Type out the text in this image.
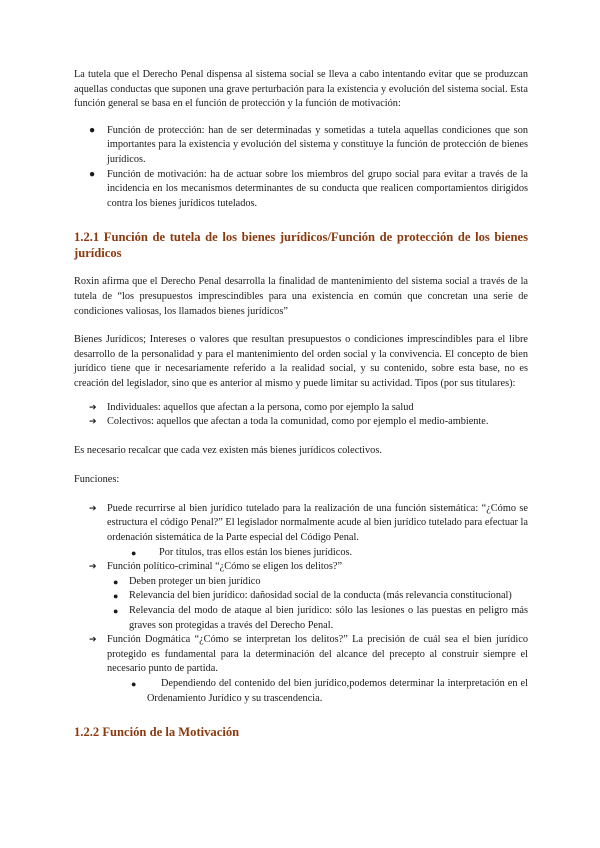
La tutela que el Derecho Penal dispensa al sistema social se lleva a cabo intentando evitar que se produzcan aquellas conductas que suponen una grave perturbación para la existencia y evolución del sistema social. Esta función general se basa en el función de protección y la función de motivación:

● Función de protección: han de ser determinadas y sometidas a tutela aquellas condiciones que son importantes para la existencia y evolución del sistema y constituye la función de protección de bienes jurídicos.
● Función de motivación: ha de actuar sobre los miembros del grupo social para evitar a través de la incidencia en los mecanismos determinantes de su conducta que realicen comportamientos dirigidos contra los bienes jurídicos tutelados.
1.2.1 Función de tutela de los bienes jurídicos/Función de protección de los bienes jurídicos

Roxin afirma que el Derecho Penal desarrolla la finalidad de mantenimiento del sistema social a través de la tutela de “los presupuestos imprescindibles para una existencia en común que concretan una serie de condiciones valiosas, los llamados bienes jurídicos”

Bienes Jurídicos; Intereses o valores que resultan presupuestos o condiciones imprescindibles para el libre desarrollo de la personalidad y para el mantenimiento del orden social y la convivencia. El concepto de bien jurídico tiene que ir necesariamente referido a la realidad social, y su contenido, sobre esta base, no es creación del legislador, sino que es anterior al mismo y puede limitar su actividad. Tipos (por sus titulares):

➔ Individuales: aquellos que afectan a la persona, como por ejemplo la salud
➔ Colectivos: aquellos que afectan a toda la comunidad, como por ejemplo el medio-ambiente.

Es necesario recalcar que cada vez existen más bienes jurídicos colectivos.

Funciones:

➔ Puede recurrirse al bien jurídico tutelado para la realización de una función sistemática: “¿Cómo se estructura el código Penal?” El legislador normalmente acude al bien jurídico tutelado para efectuar la ordenación sistemática de la Parte especial del Código Penal.
●	Por títulos, tras ellos están los bienes jurídicos.
➔ Función político-criminal “¿Cómo se eligen los delitos?”
● Deben proteger un bien jurídico
● Relevancia del bien jurídico: dañosidad social de la conducta (más relevancia constitucional)
● Relevancia del modo de ataque al bien jurídico: sólo las lesiones o las puestas en peligro más graves son protegidas a través del Derecho Penal.
➔ Función Dogmática “¿Cómo se interpretan los delitos?” La precisión de cuál sea el bien jurídico protegido es fundamental para la determinación del alcance del precepto al construir siempre el necesario punto de partida.
●	Dependiendo del contenido del bien jurídico,podemos determinar la interpretación en el Ordenamiento Jurídico y su trascendencia.
1.2.2 Función de la Motivación
